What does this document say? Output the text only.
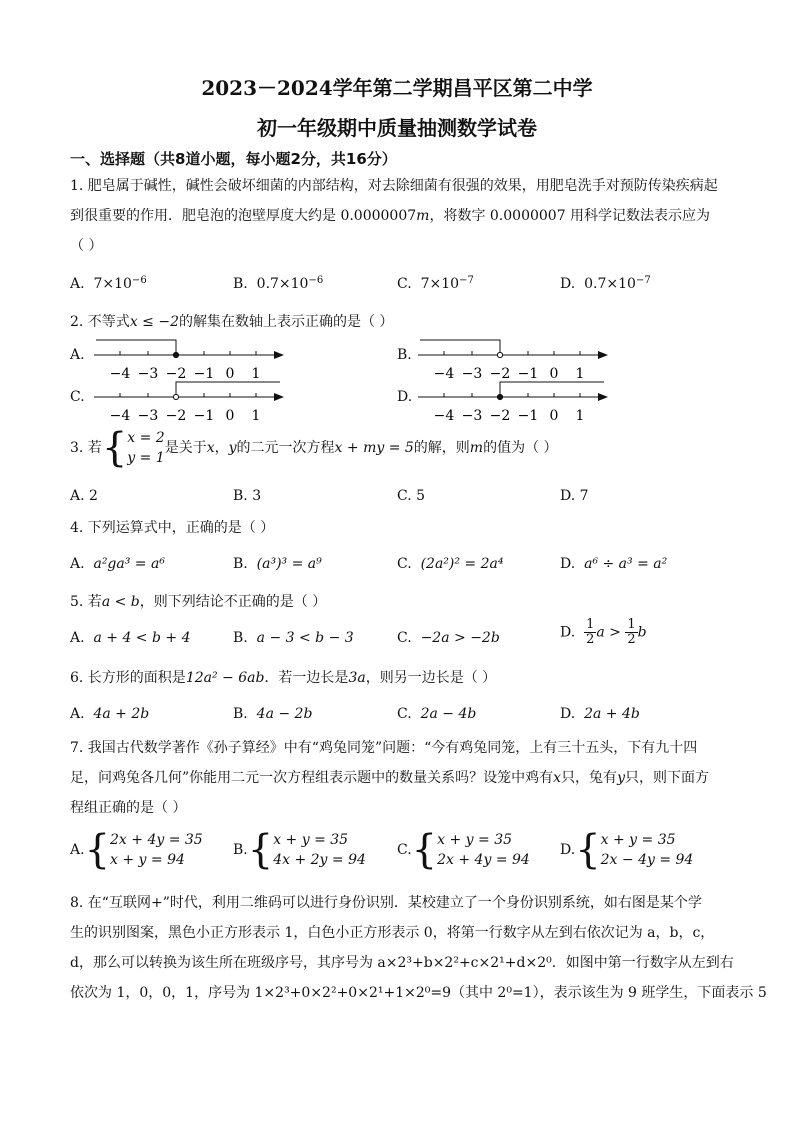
2023－2024学年第二学期昌平区第二中学
初一年级期中质量抽测数学试卷
一、选择题（共8道小题，每小题2分，共16分）
1. 肥皂属于碱性，碱性会破坏细菌的内部结构，对去除细菌有很强的效果，用肥皂洗手对预防传染疾病起
到很重要的作用．肥皂泡的泡壁厚度大约是 0.0000007m，将数字 0.0000007 用科学记数法表示应为
（ ）
A. $7\times 10^{-6}$	B. $0.7\times 10^{-6}$	C. $7\times 10^{-7}$	D. $0.7\times 10^{-7}$
2. 不等式x ≤ −2的解集在数轴上表示正确的是（ ）
A.
−4 −3 −2 −1 0 1
B.
−4 −3 −2 −1 0 1
C.
−4 −3 −2 −1 0 1
D.
−4 −3 −2 −1 0 1
3. 若{ x = 2
y = 1
是关于x，y的二元一次方程x + my = 5的解，则m的值为（ ）
A. 2	B. 3	C. 5	D. 7
4. 下列运算式中，正确的是（ ）
A. a²ga³ = a⁶	B. (a³)³ = a⁹	C. (2a²)² = 2a⁴	D. a⁶ ÷ a³ = a²
5. 若a < b，则下列结论不正确的是（ ）
A. a + 4 < b + 4	B. a − 3 < b − 3	C. −2a > −2b	D. $\frac{1}{2}$ $a > \frac{1}{2}$ b
6. 长方形的面积是12a² − 6ab．若一边长是3a，则另一边长是（ ）
A. 4a + 2b	B. 4a − 2b	C. 2a − 4b	D. 2a + 4b
7. 我国古代数学著作《孙子算经》中有“鸡兔同笼”问题：“今有鸡兔同笼，上有三十五头，下有九十四
足，问鸡兔各几何”你能用二元一次方程组表示题中的数量关系吗？设笼中鸡有x只，兔有y只，则下面方
程组正确的是（ ）
A.{ 2x + 4y = 35
x + y = 94
B.{ x + y = 35
4x + 2y = 94
C.{ x + y = 35
2x + 4y = 94
D.{ x + y = 35
2x − 4y = 94
8. 在“互联网+”时代，利用二维码可以进行身份识别．某校建立了一个身份识别系统，如右图是某个学
生的识别图案，黑色小正方形表示 1，白色小正方形表示 0，将第一行数字从左到右依次记为 a，b，c，
d，那么可以转换为该生所在班级序号，其序号为 a×2³+b×2²+c×2¹+d×2⁰．如图中第一行数字从左到右
依次为 1，0，0，1，序号为 1×2³+0×2²+0×2¹+1×2⁰=9（其中 2⁰=1），表示该生为 9 班学生，下面表示 5
